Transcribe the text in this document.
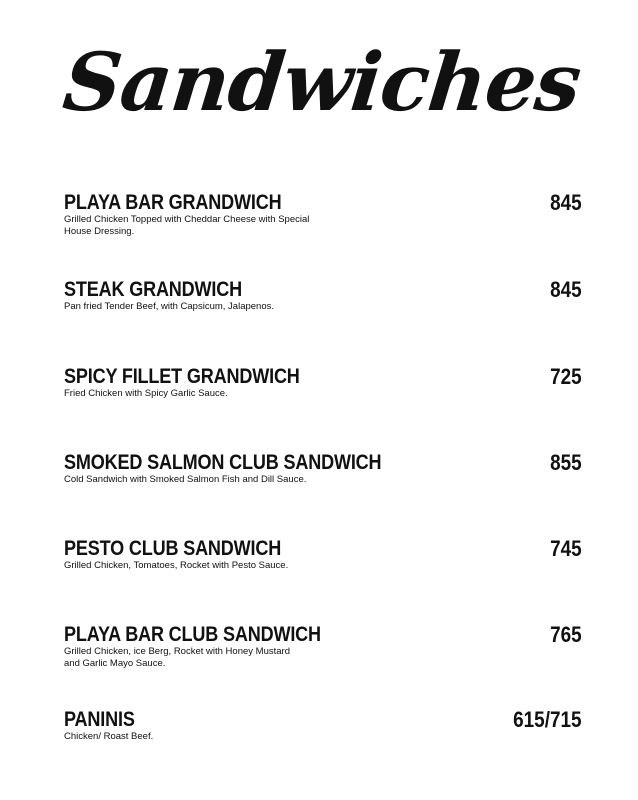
Sandwiches
PLAYA BAR GRANDWICH
Grilled Chicken Topped with Cheddar Cheese with Special House Dressing.
845
STEAK GRANDWICH
Pan fried Tender Beef, with Capsicum, Jalapenos.
845
SPICY FILLET GRANDWICH
Fried Chicken with Spicy Garlic Sauce.
725
SMOKED SALMON CLUB SANDWICH
Cold Sandwich with Smoked Salmon Fish and Dill Sauce.
855
PESTO CLUB SANDWICH
Grilled Chicken, Tomatoes, Rocket with Pesto Sauce.
745
PLAYA BAR CLUB SANDWICH
Grilled Chicken, ice Berg, Rocket with Honey Mustard and Garlic Mayo Sauce.
765
PANINIS
Chicken/ Roast Beef.
615/715
